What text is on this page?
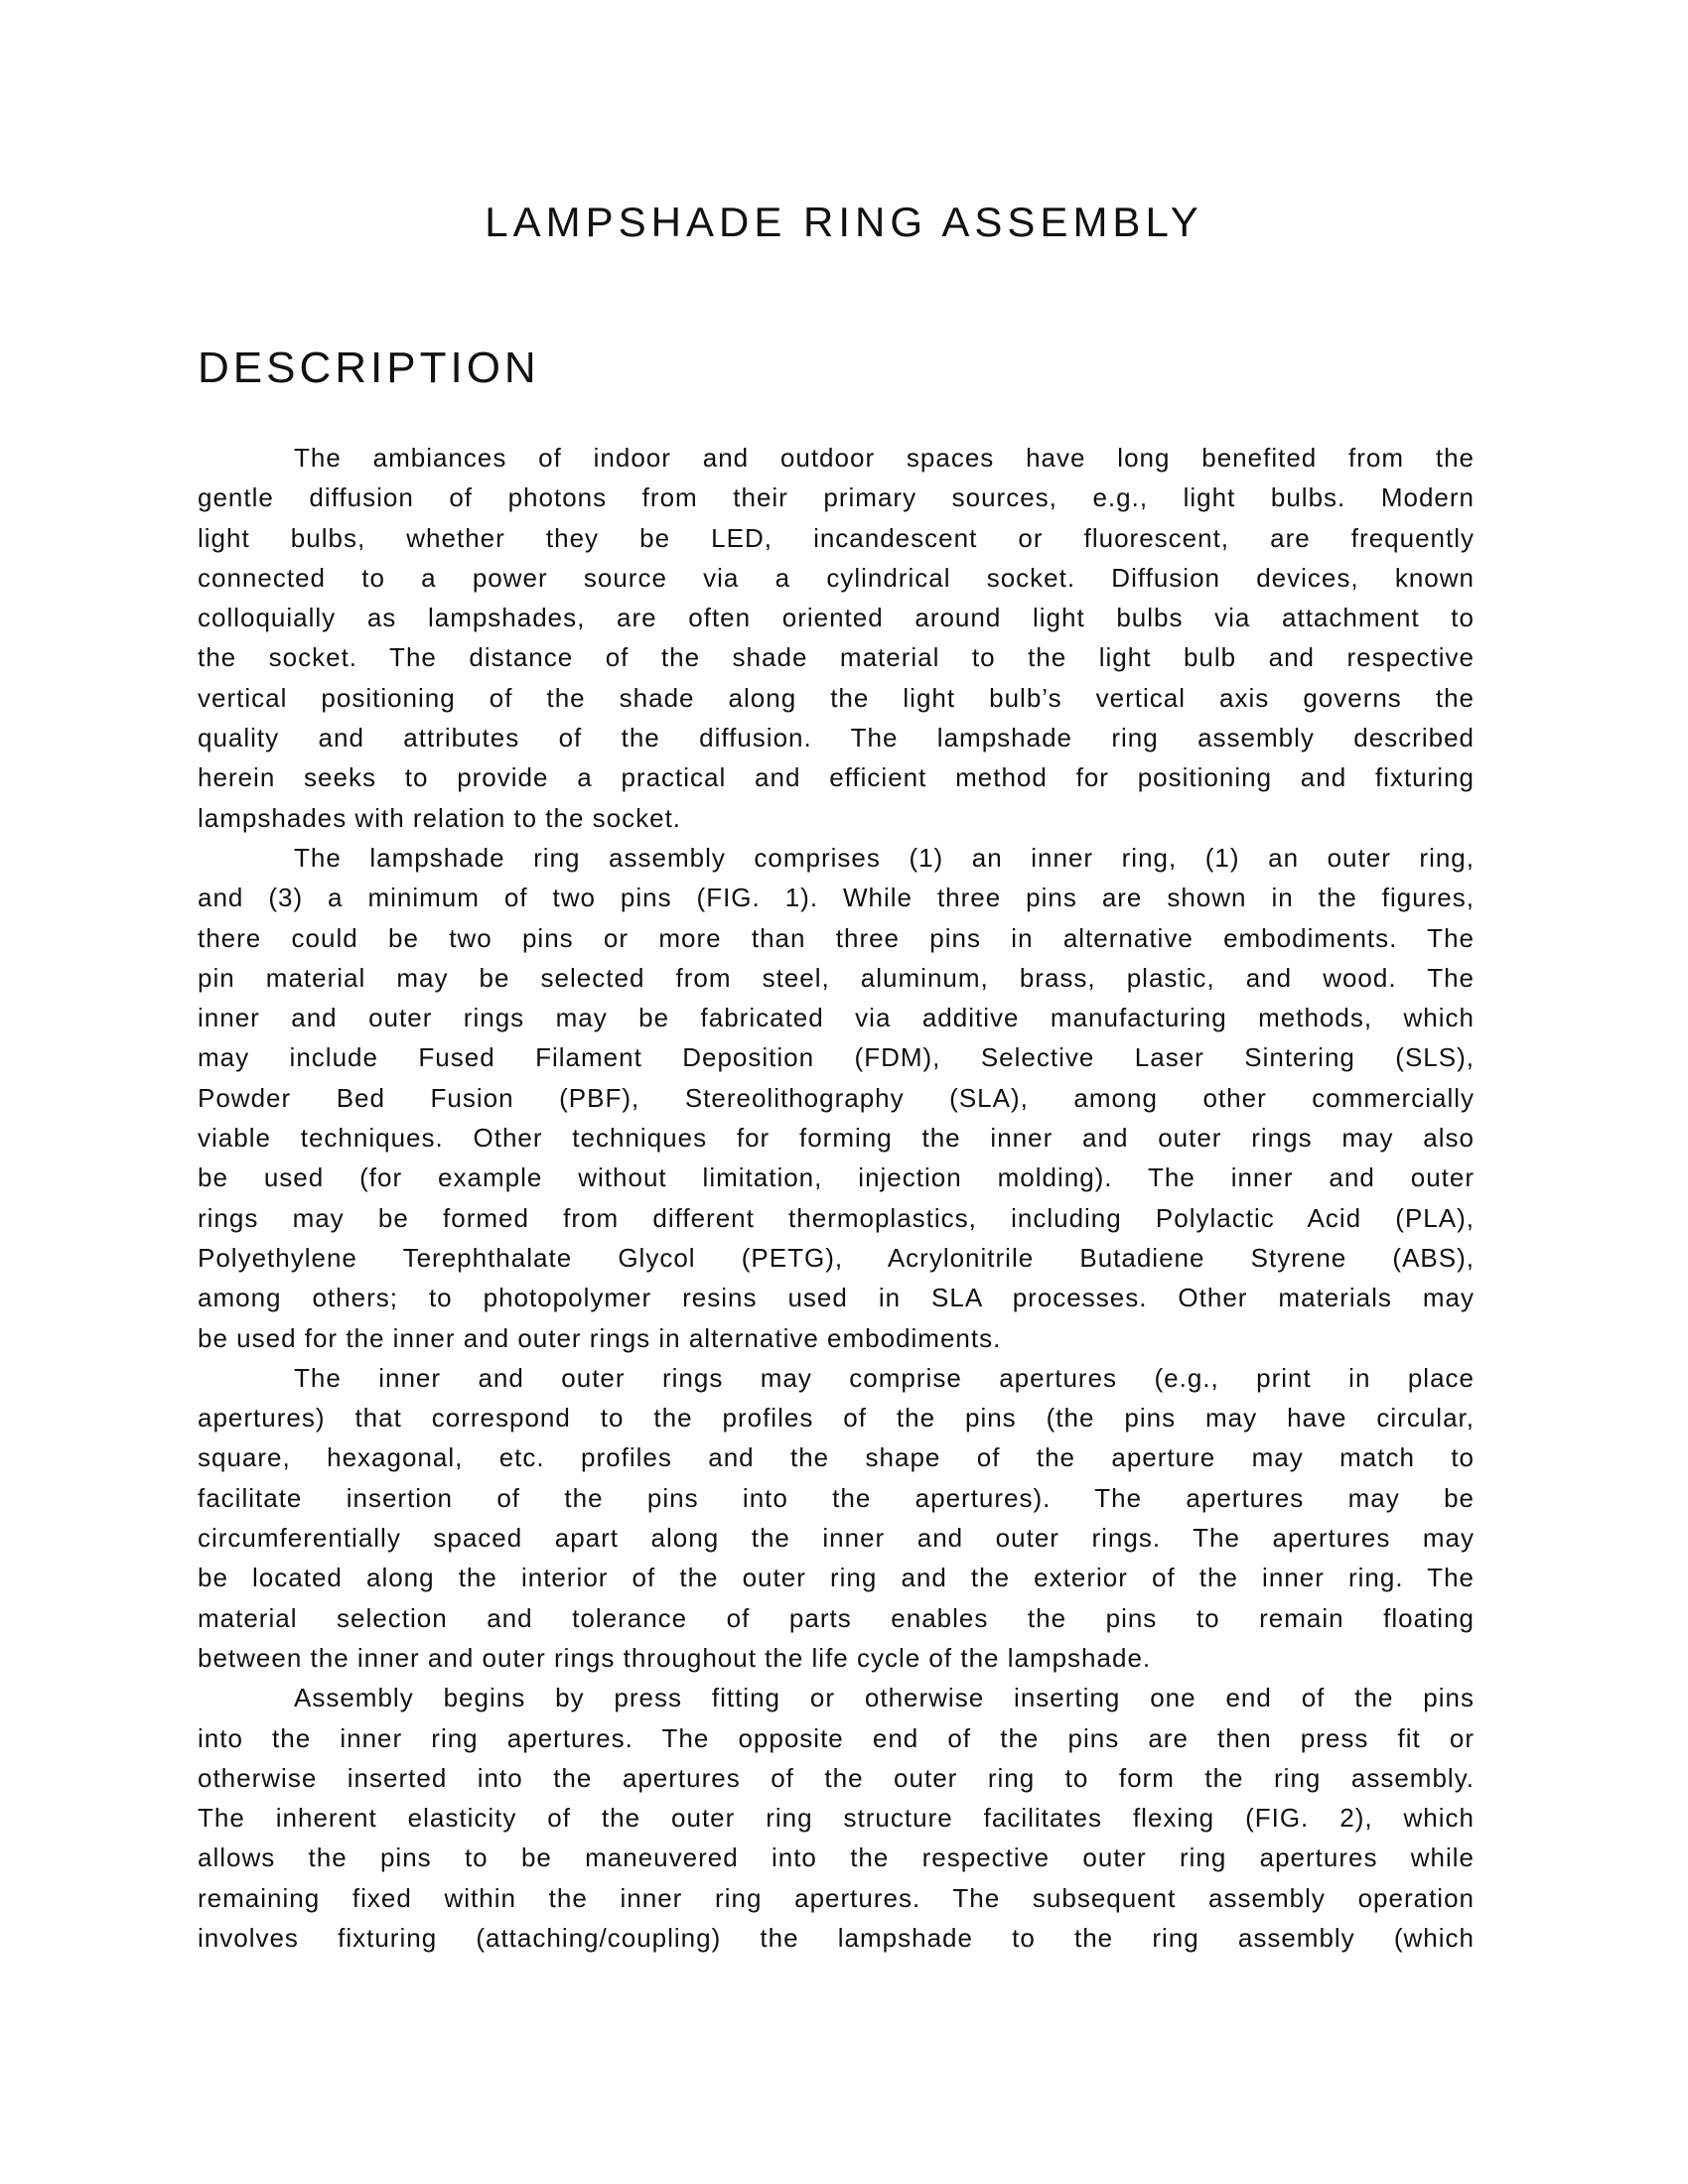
LAMPSHADE RING ASSEMBLY
DESCRIPTION
The ambiances of indoor and outdoor spaces have long benefited from the
gentle diffusion of photons from their primary sources, e.g., light bulbs. Modern
light bulbs, whether they be LED, incandescent or fluorescent, are frequently
connected to a power source via a cylindrical socket. Diffusion devices, known
colloquially as lampshades, are often oriented around light bulbs via attachment to
the socket. The distance of the shade material to the light bulb and respective
vertical positioning of the shade along the light bulb’s vertical axis governs the
quality and attributes of the diffusion. The lampshade ring assembly described
herein seeks to provide a practical and efficient method for positioning and fixturing
lampshades with relation to the socket.
The lampshade ring assembly comprises (1) an inner ring, (1) an outer ring,
and (3) a minimum of two pins (FIG. 1). While three pins are shown in the figures,
there could be two pins or more than three pins in alternative embodiments. The
pin material may be selected from steel, aluminum, brass, plastic, and wood. The
inner and outer rings may be fabricated via additive manufacturing methods, which
may include Fused Filament Deposition (FDM), Selective Laser Sintering (SLS),
Powder Bed Fusion (PBF), Stereolithography (SLA), among other commercially
viable techniques. Other techniques for forming the inner and outer rings may also
be used (for example without limitation, injection molding). The inner and outer
rings may be formed from different thermoplastics, including Polylactic Acid (PLA),
Polyethylene Terephthalate Glycol (PETG), Acrylonitrile Butadiene Styrene (ABS),
among others; to photopolymer resins used in SLA processes. Other materials may
be used for the inner and outer rings in alternative embodiments.
The inner and outer rings may comprise apertures (e.g., print in place
apertures) that correspond to the profiles of the pins (the pins may have circular,
square, hexagonal, etc. profiles and the shape of the aperture may match to
facilitate insertion of the pins into the apertures). The apertures may be
circumferentially spaced apart along the inner and outer rings. The apertures may
be located along the interior of the outer ring and the exterior of the inner ring. The
material selection and tolerance of parts enables the pins to remain floating
between the inner and outer rings throughout the life cycle of the lampshade.
Assembly begins by press fitting or otherwise inserting one end of the pins
into the inner ring apertures. The opposite end of the pins are then press fit or
otherwise inserted into the apertures of the outer ring to form the ring assembly.
The inherent elasticity of the outer ring structure facilitates flexing (FIG. 2), which
allows the pins to be maneuvered into the respective outer ring apertures while
remaining fixed within the inner ring apertures. The subsequent assembly operation
involves fixturing (attaching/coupling) the lampshade to the ring assembly (which
